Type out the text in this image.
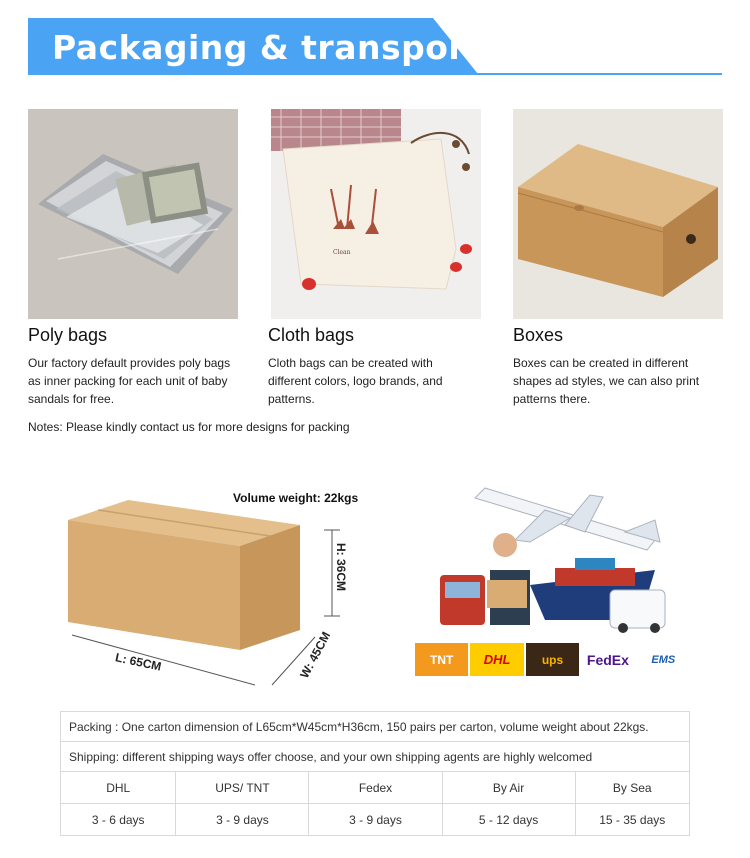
Packaging & transport
Clean
Poly bags
Our factory default provides poly bags as inner packing for each unit of baby sandals for free.
Cloth bags
Cloth bags can be created with different colors, logo brands, and patterns.
Boxes
Boxes can be created in different shapes ad styles, we can also print patterns there.
Notes: Please kindly contact us for more designs for packing
Volume weight: 22kgs
L: 65CM
H: 36CM
W: 45CM	TNT	DHL	ups	FedEx	EMS
Packing : One carton dimension of L65cm*W45cm*H36cm, 150 pairs per carton, volume weight about 22kgs.				
Shipping: different shipping ways offer choose, and your own shipping agents are highly welcomed				
DHL	UPS/ TNT	Fedex	By Air	By Sea
3 - 6 days	3 - 9 days	3 - 9 days	5 - 12 days	15 - 35 days
